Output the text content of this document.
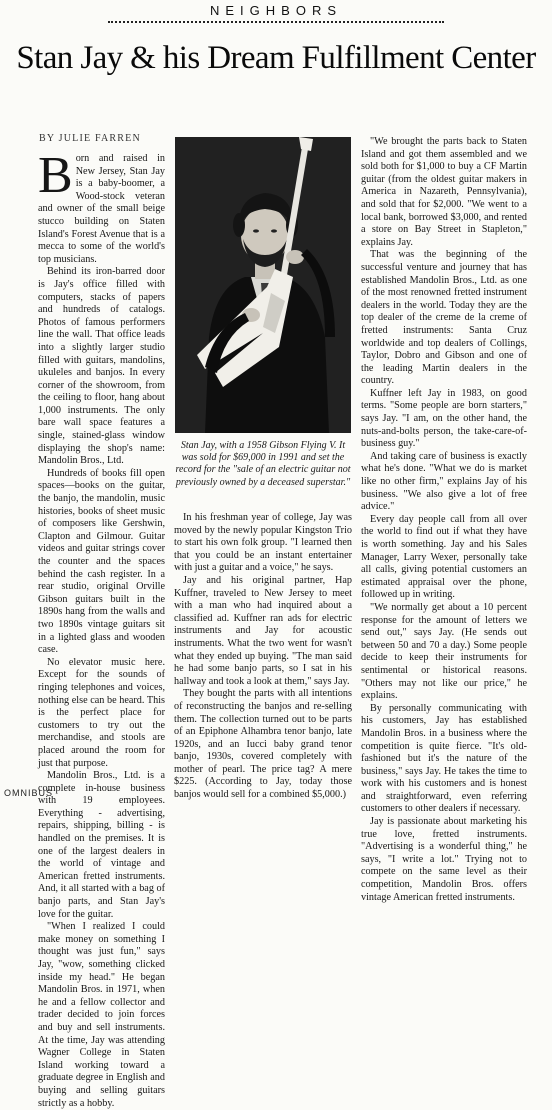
NEIGHBORS
Stan Jay & his Dream Fulfillment Center
BY JULIE FARREN
B orn and raised in New Jersey, Stan Jay is a baby-boomer, a Wood-stock veteran and owner of the small beige stucco building on Staten Island's Forest Avenue that is a mecca to some of the world's top musicians.

Behind its iron-barred door is Jay's office filled with computers, stacks of papers and hundreds of catalogs. Photos of famous performers line the wall. That office leads into a slightly larger studio filled with guitars, mandolins, ukuleles and banjos. In every corner of the showroom, from the ceiling to floor, hang about 1,000 instruments. The only bare wall space features a single, stained-glass window displaying the shop's name: Mandolin Bros., Ltd.

Hundreds of books fill open spaces—books on the guitar, the banjo, the mandolin, music histories, books of sheet music of composers like Gershwin, Clapton and Gilmour. Guitar videos and guitar strings cover the counter and the spaces behind the cash register. In a rear studio, original Orville Gibson guitars built in the 1890s hang from the walls and two 1890s vintage guitars sit in a lighted glass and wooden case.

No elevator music here. Except for the sounds of ringing telephones and voices, nothing else can be heard. This is the perfect place for customers to try out the merchandise, and stools are placed around the room for just that purpose.

Mandolin Bros., Ltd. is a complete in-house business with 19 employees. Everything - advertising, repairs, shipping, billing - is handled on the premises. It is one of the largest dealers in the world of vintage and American fretted instruments. And, it all started with a bag of banjo parts, and Stan Jay's love for the guitar.

"When I realized I could make money on something I thought was just fun," says Jay, "wow, something clicked inside my head." He began Mandolin Bros. in 1971, when he and a fellow collector and trader decided to join forces and buy and sell instruments. At the time, Jay was attending Wagner College in Staten Island working toward a graduate degree in English and buying and selling guitars strictly as a hobby.

Stan Jay, with a 1958 Gibson Flying V. It was sold for $69,000 in 1991 and set the record for the "sale of an electric guitar not previously owned by a deceased superstar."

In his freshman year of college, Jay was moved by the newly popular Kingston Trio to start his own folk group. "I learned then that you could be an instant entertainer with just a guitar and a voice," he says.

Jay and his original partner, Hap Kuffner, traveled to New Jersey to meet with a man who had inquired about a classified ad. Kuffner ran ads for electric instruments and Jay for acoustic instruments. What the two went for wasn't what they ended up buying. "The man said he had some banjo parts, so I sat in his hallway and took a look at them," says Jay.

They bought the parts with all intentions of reconstructing the banjos and re-selling them. The collection turned out to be parts of an Epiphone Alhambra tenor banjo, late 1920s, and an Iucci baby grand tenor banjo, 1930s, covered completely with mother of pearl. The price tag? A mere $225. (According to Jay, today those banjos would sell for a combined $5,000.)

"We brought the parts back to Staten Island and got them assembled and we sold both for $1,000 to buy a CF Martin guitar (from the oldest guitar makers in America in Nazareth, Pennsylvania), and sold that for $2,000. "We went to a local bank, borrowed $3,000, and rented a store on Bay Street in Stapleton," explains Jay.

That was the beginning of the successful venture and journey that has established Mandolin Bros., Ltd. as one of the most renowned fretted instrument dealers in the world. Today they are the top dealer of the creme de la creme of fretted instruments: Santa Cruz worldwide and top dealers of Collings, Taylor, Dobro and Gibson and one of the leading Martin dealers in the country.

Kuffner left Jay in 1983, on good terms. "Some people are born starters," says Jay. "I am, on the other hand, the nuts-and-bolts person, the take-care-of-business guy."

And taking care of business is exactly what he's done. "What we do is market like no other firm," explains Jay of his business. "We also give a lot of free advice."

Every day people call from all over the world to find out if what they have is worth something. Jay and his Sales Manager, Larry Wexer, personally take all calls, giving potential customers an estimated appraisal over the phone, followed up in writing.

"We normally get about a 10 percent response for the amount of letters we send out," says Jay. (He sends out between 50 and 70 a day.) Some people decide to keep their instruments for sentimental or historical reasons. "Others may not like our price," he explains.

By personally communicating with his customers, Jay has established Mandolin Bros. in a business where the competition is quite fierce. "It's old-fashioned but it's the nature of the business," says Jay. He takes the time to work with his customers and is honest and straightforward, even referring customers to other dealers if necessary.

Jay is passionate about marketing his true love, fretted instruments. "Advertising is a wonderful thing," he says, "I write a lot." Trying not to compete on the same level as their competition, Mandolin Bros. offers vintage American fretted instruments.

OMNIBUS
